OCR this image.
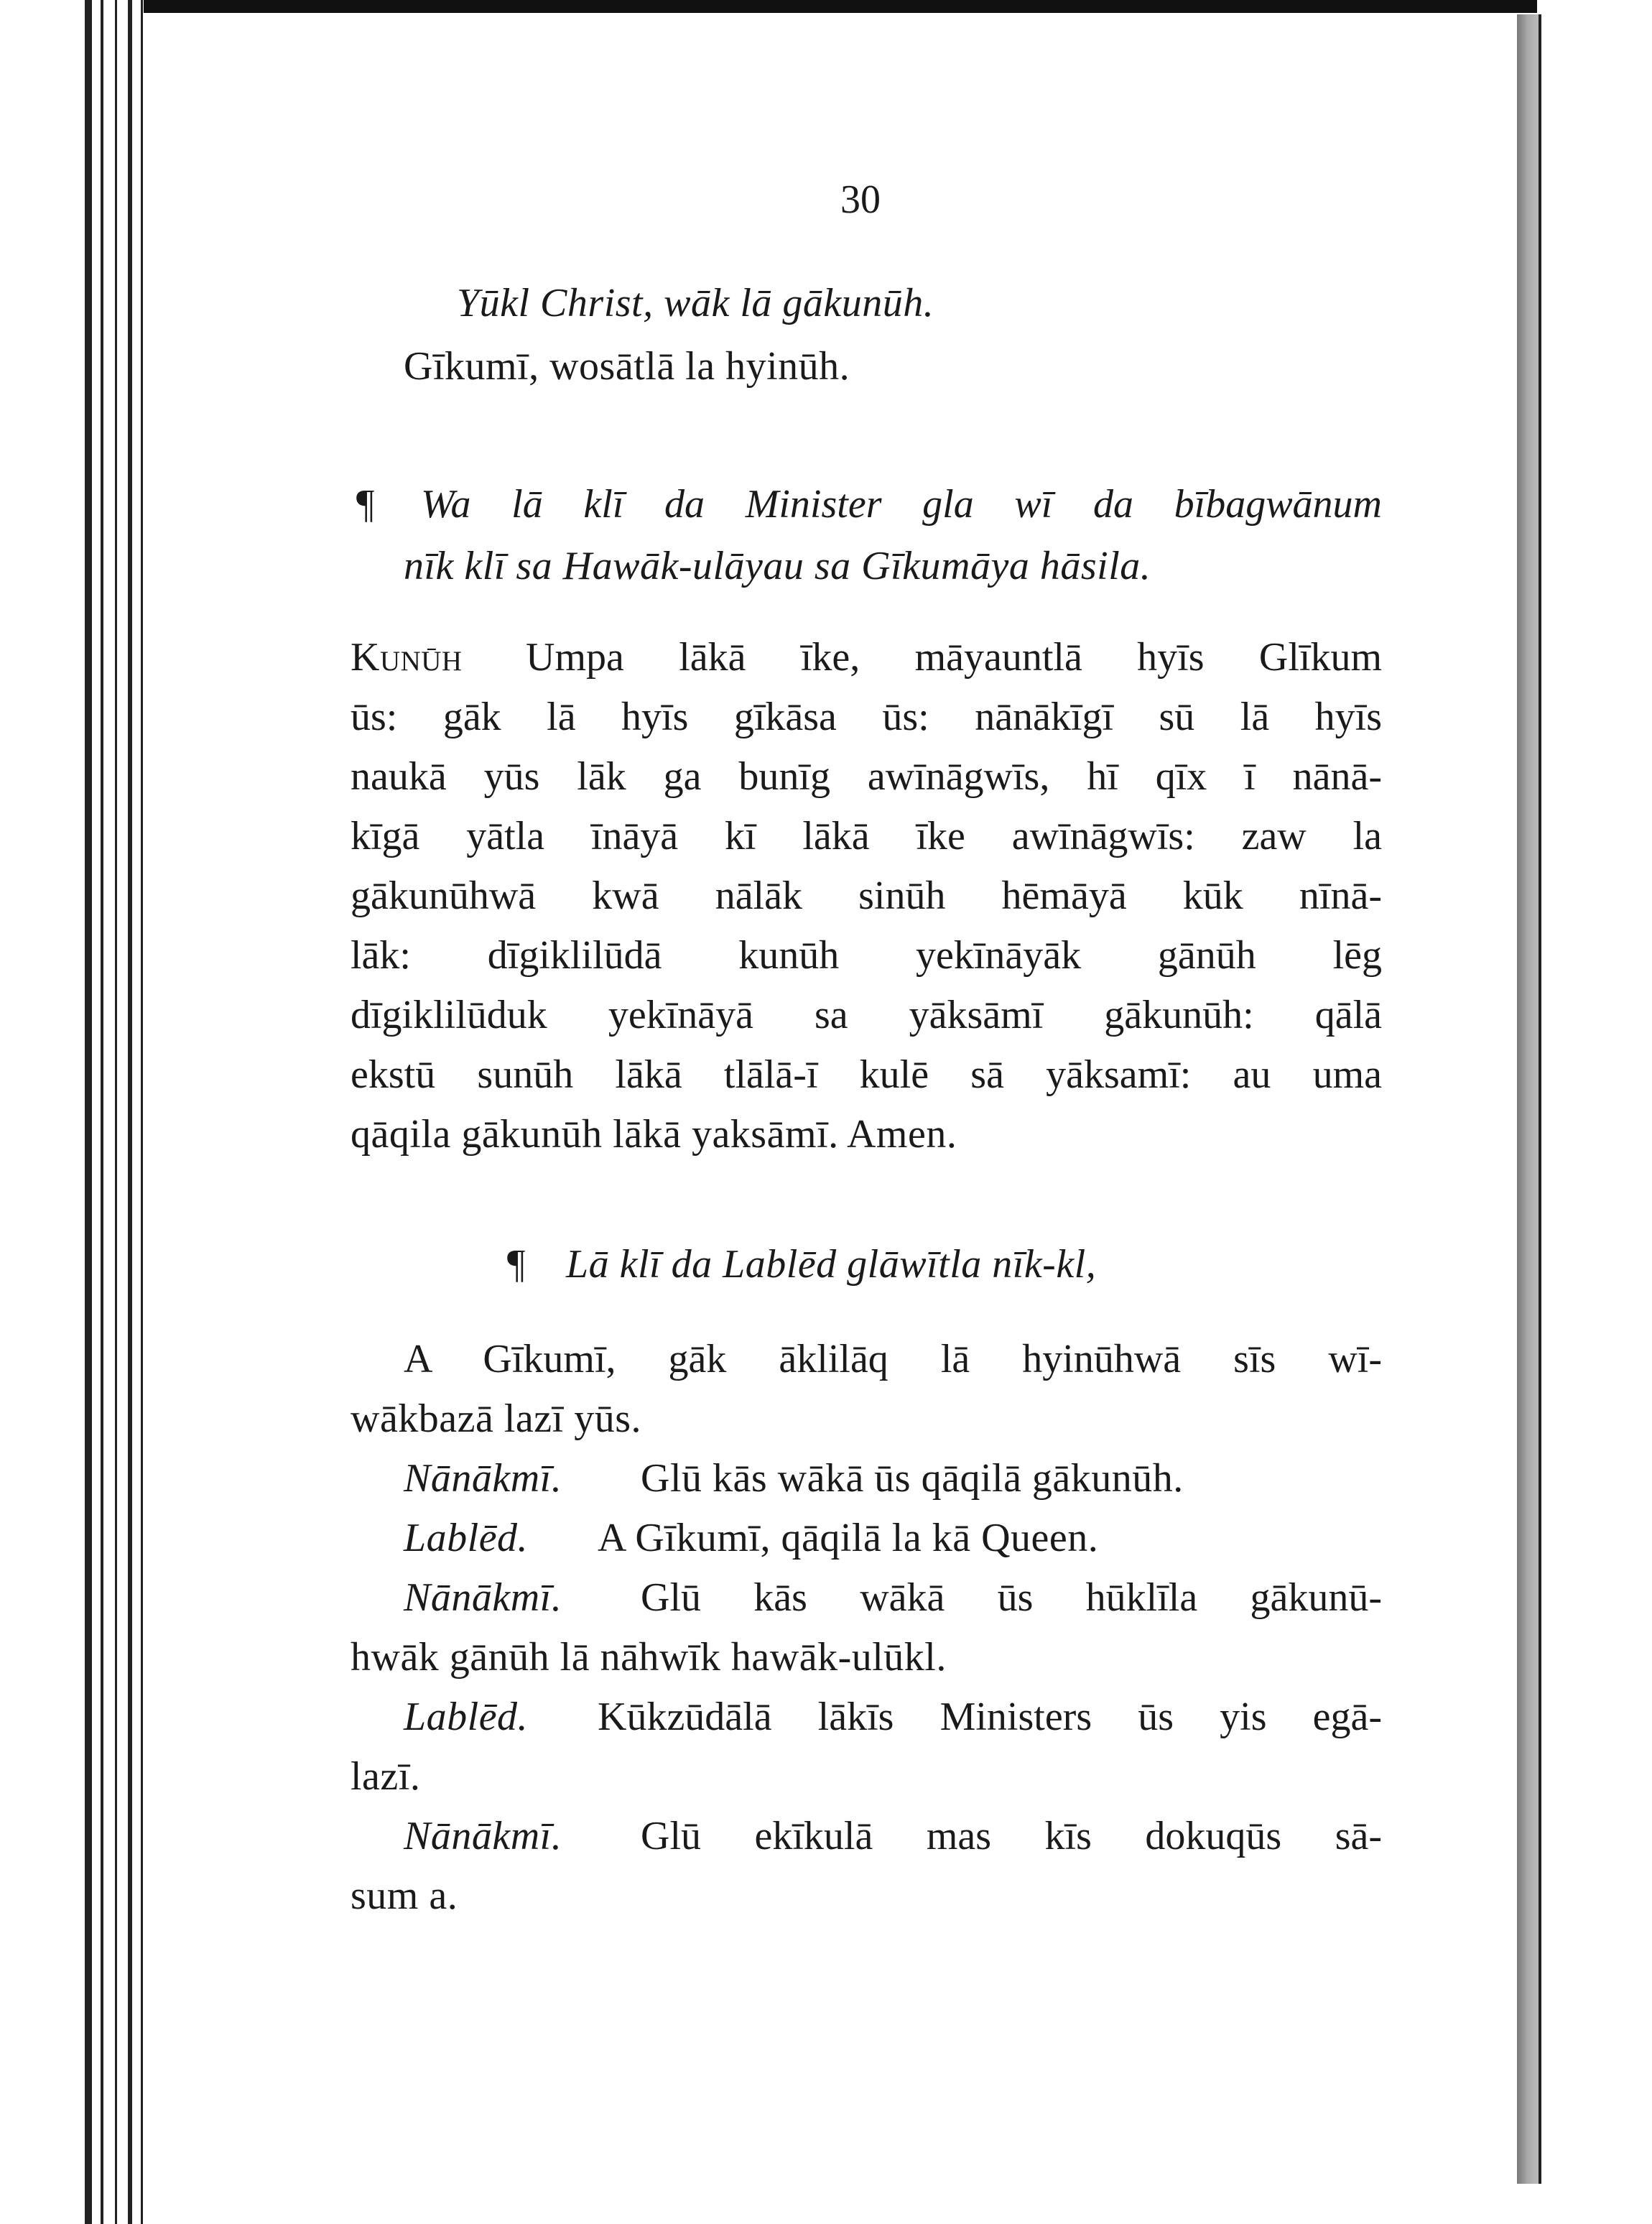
30
Yūkl Christ, wāk lā gākunūh.
Gīkumī, wosātlā la hyinūh.
¶ Wa lā klī da Minister gla wī da bībagwānum
nīk klī sa Hawāk-ulāyau sa Gīkumāya hāsila.
Kunūh Umpa lākā īke, māyauntlā hyīs Glīkum
ūs: gāk lā hyīs gīkāsa ūs: nānākīgī sū lā hyīs
naukā yūs lāk ga bunīg awīnāgwīs, hī qīx ī nānā-
kīgā yātla īnāyā kī lākā īke awīnāgwīs: zaw la
gākunūhwā kwā nālāk sinūh hēmāyā kūk nīnā-
lāk: dīgiklilūdā kunūh yekīnāyāk gānūh lēg
dīgiklilūduk yekīnāyā sa yāksāmī gākunūh: qālā
ekstū sunūh lākā tlālā-ī kulē sā yāksamī: au uma
qāqila gākunūh lākā yaksāmī. Amen.
¶ Lā klī da Lablēd glāwītla nīk-kl,
A Gīkumī, gāk āklilāq lā hyinūhwā sīs wī-
wākbazā lazī yūs.
Nānākmī. Glū kās wākā ūs qāqilā gākunūh.
Lablēd. A Gīkumī, qāqilā la kā Queen.
Nānākmī. Glū kās wākā ūs hūklīla gākunū-
hwāk gānūh lā nāhwīk hawāk-ulūkl.
Lablēd. Kūkzūdālā lākīs Ministers ūs yis egā-
lazī.
Nānākmī. Glū ekīkulā mas kīs dokuqūs sā-
sum a.
